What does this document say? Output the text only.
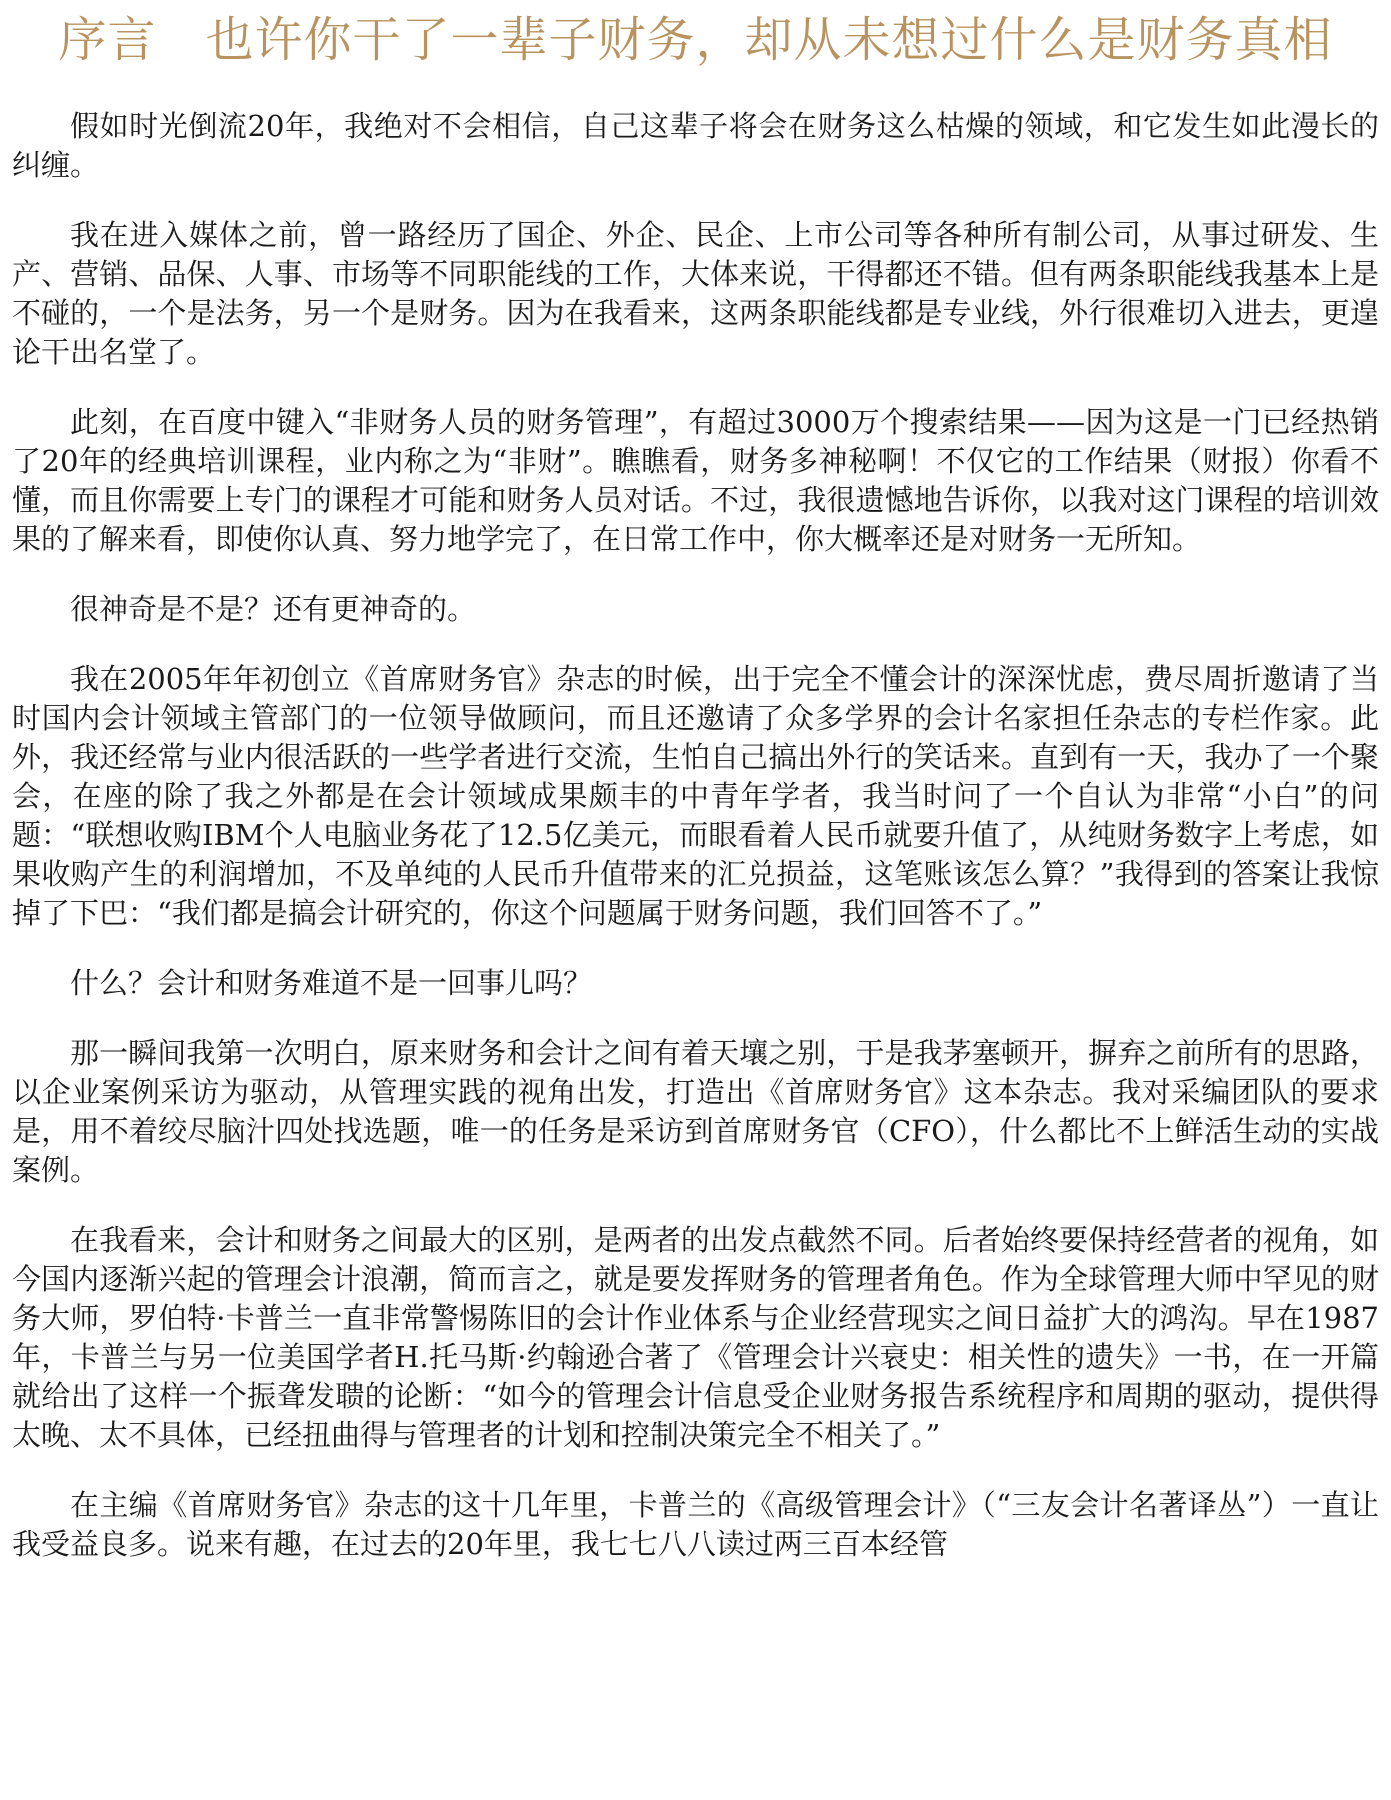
序言　也许你干了一辈子财务，却从未想过什么是财务真相

假如时光倒流20年，我绝对不会相信，自己这辈子将会在财务这么枯燥的领域，和它发生如此漫长的纠缠。

我在进入媒体之前，曾一路经历了国企、外企、民企、上市公司等各种所有制公司，从事过研发、生产、营销、品保、人事、市场等不同职能线的工作，大体来说，干得都还不错。但有两条职能线我基本上是不碰的，一个是法务，另一个是财务。因为在我看来，这两条职能线都是专业线，外行很难切入进去，更遑论干出名堂了。

此刻，在百度中键入“非财务人员的财务管理”，有超过3000万个搜索结果——因为这是一门已经热销了20年的经典培训课程，业内称之为“非财”。瞧瞧看，财务多神秘啊！不仅它的工作结果（财报）你看不懂，而且你需要上专门的课程才可能和财务人员对话。不过，我很遗憾地告诉你，以我对这门课程的培训效果的了解来看，即使你认真、努力地学完了，在日常工作中，你大概率还是对财务一无所知。

很神奇是不是？还有更神奇的。

我在2005年年初创立《首席财务官》杂志的时候，出于完全不懂会计的深深忧虑，费尽周折邀请了当时国内会计领域主管部门的一位领导做顾问，而且还邀请了众多学界的会计名家担任杂志的专栏作家。此外，我还经常与业内很活跃的一些学者进行交流，生怕自己搞出外行的笑话来。直到有一天，我办了一个聚会，在座的除了我之外都是在会计领域成果颇丰的中青年学者，我当时问了一个自认为非常“小白”的问题：“联想收购IBM个人电脑业务花了12.5亿美元，而眼看着人民币就要升值了，从纯财务数字上考虑，如果收购产生的利润增加，不及单纯的人民币升值带来的汇兑损益，这笔账该怎么算？”我得到的答案让我惊掉了下巴：“我们都是搞会计研究的，你这个问题属于财务问题，我们回答不了。”

什么？会计和财务难道不是一回事儿吗？

那一瞬间我第一次明白，原来财务和会计之间有着天壤之别，于是我茅塞顿开，摒弃之前所有的思路，以企业案例采访为驱动，从管理实践的视角出发，打造出《首席财务官》这本杂志。我对采编团队的要求是，用不着绞尽脑汁四处找选题，唯一的任务是采访到首席财务官（CFO），什么都比不上鲜活生动的实战案例。

在我看来，会计和财务之间最大的区别，是两者的出发点截然不同。后者始终要保持经营者的视角，如今国内逐渐兴起的管理会计浪潮，简而言之，就是要发挥财务的管理者角色。作为全球管理大师中罕见的财务大师，罗伯特·卡普兰一直非常警惕陈旧的会计作业体系与企业经营现实之间日益扩大的鸿沟。早在1987年，卡普兰与另一位美国学者H.托马斯·约翰逊合著了《管理会计兴衰史：相关性的遗失》一书，在一开篇就给出了这样一个振聋发聩的论断：“如今的管理会计信息受企业财务报告系统程序和周期的驱动，提供得太晚、太不具体，已经扭曲得与管理者的计划和控制决策完全不相关了。”

在主编《首席财务官》杂志的这十几年里，卡普兰的《高级管理会计》（“三友会计名著译丛”）一直让我受益良多。说来有趣，在过去的20年里，我七七八八读过两三百本经管
